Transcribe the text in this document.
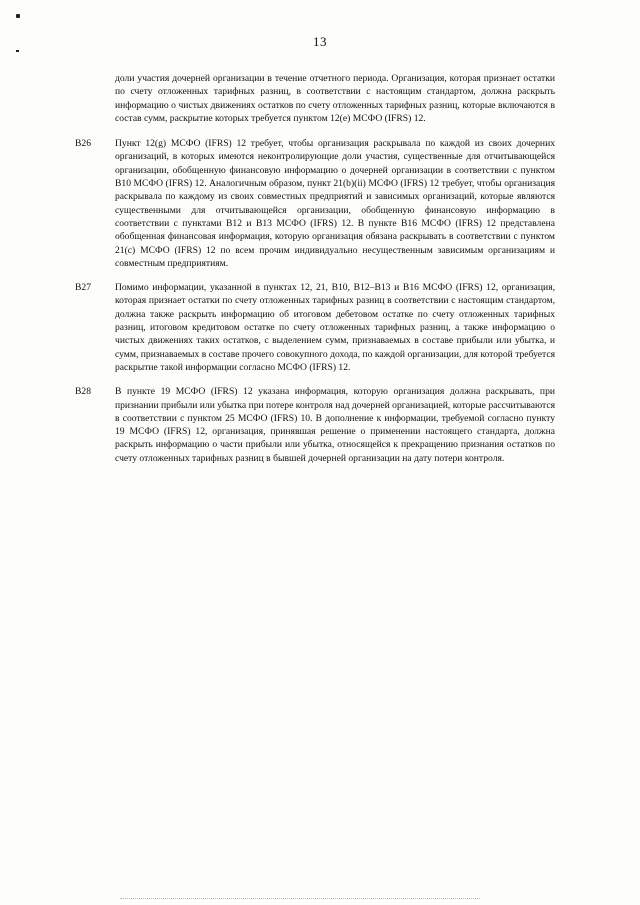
13

доли участия дочерней организации в течение отчетного периода. Организация, которая признает остатки по счету отложенных тарифных разниц, в соответствии с настоящим стандартом, должна раскрыть информацию о чистых движениях остатков по счету отложенных тарифных разниц, которые включаются в состав сумм, раскрытие которых требуется пунктом 12(e) МСФО (IFRS) 12.

B26	Пункт 12(g) МСФО (IFRS) 12 требует, чтобы организация раскрывала по каждой из своих дочерних организаций, в которых имеются неконтролирующие доли участия, существенные для отчитывающейся организации, обобщенную финансовую информацию о дочерней организации в соответствии с пунктом B10 МСФО (IFRS) 12. Аналогичным образом, пункт 21(b)(ii) МСФО (IFRS) 12 требует, чтобы организация раскрывала по каждому из своих совместных предприятий и зависимых организаций, которые являются существенными для отчитывающейся организации, обобщенную финансовую информацию в соответствии с пунктами B12 и B13 МСФО (IFRS) 12. В пункте B16 МСФО (IFRS) 12 представлена обобщенная финансовая информация, которую организация обязана раскрывать в соответствии с пунктом 21(c) МСФО (IFRS) 12 по всем прочим индивидуально несущественным зависимым организациям и совместным предприятиям.

B27	Помимо информации, указанной в пунктах 12, 21, B10, B12–B13 и B16 МСФО (IFRS) 12, организация, которая признает остатки по счету отложенных тарифных разниц в соответствии с настоящим стандартом, должна также раскрыть информацию об итоговом дебетовом остатке по счету отложенных тарифных разниц, итоговом кредитовом остатке по счету отложенных тарифных разниц, а также информацию о чистых движениях таких остатков, с выделением сумм, признаваемых в составе прибыли или убытка, и сумм, признаваемых в составе прочего совокупного дохода, по каждой организации, для которой требуется раскрытие такой информации согласно МСФО (IFRS) 12.

B28	В пункте 19 МСФО (IFRS) 12 указана информация, которую организация должна раскрывать, при признании прибыли или убытка при потере контроля над дочерней организацией, которые рассчитываются в соответствии с пунктом 25 МСФО (IFRS) 10. В дополнение к информации, требуемой согласно пункту 19 МСФО (IFRS) 12, организация, принявшая решение о применении настоящего стандарта, должна раскрыть информацию о части прибыли или убытка, относящейся к прекращению признания остатков по счету отложенных тарифных разниц в бывшей дочерней организации на дату потери контроля.
